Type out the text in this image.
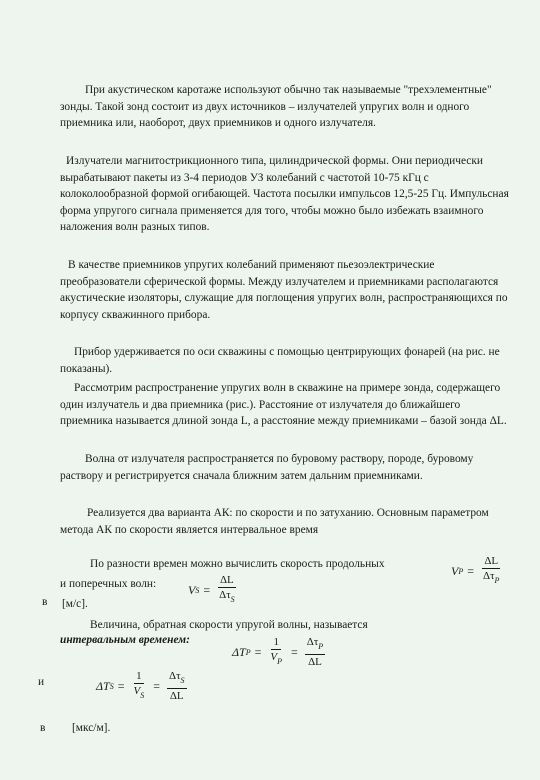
При акустическом каротаже используют обычно так называемые "трехэлементные" зонды. Такой зонд состоит из двух источников – излучателей упругих волн и одного приемника или, наоборот, двух приемников и одного излучателя.
Излучатели магнитострикционного типа, цилиндрической формы. Они периодически вырабатывают пакеты из 3-4 периодов УЗ колебаний с частотой 10-75 кГц с колоколообразной формой огибающей. Частота посылки импульсов 12,5-25 Гц. Импульсная форма упругого сигнала применяется для того, чтобы можно было избежать взаимного наложения волн разных типов.
В качестве приемников упругих колебаний применяют пьезоэлектрические преобразователи сферической формы. Между излучателем и приемниками располагаются акустические изоляторы, служащие для поглощения упругих волн, распространяющихся по корпусу скважинного прибора.
Прибор удерживается по оси скважины с помощью центрирующих фонарей (на рис. не показаны).
Рассмотрим распространение упругих волн в скважине на примере зонда, содержащего один излучатель и два приемника (рис.). Расстояние от излучателя до ближайшего приемника называется длиной зонда L, а расстояние между приемниками – базой зонда ΔL.
Волна от излучателя распространяется по буровому раствору, породе, буровому раствору и регистрируется сначала ближним затем дальним приемниками.
Реализуется два варианта АК: по скорости и по затуханию. Основным параметром метода АК по скорости является интервальное время
По разности времен можно вычислить скорость продольных
и поперечных волн:
[м/с].
Величина, обратная скорости упругой волны, называется
интервальным временем:
в
и
в [мкс/м].
V $P = \frac{\Delta L}{\Delta\tau_P}$
V $S = \frac{\Delta L}{\Delta\tau_S}$
ΔT $P = \frac{1}{V_P} = \frac{\Delta\tau_P}{\Delta L}$
ΔT $S = \frac{1}{V_S} = \frac{\Delta\tau_S}{\Delta L}$
